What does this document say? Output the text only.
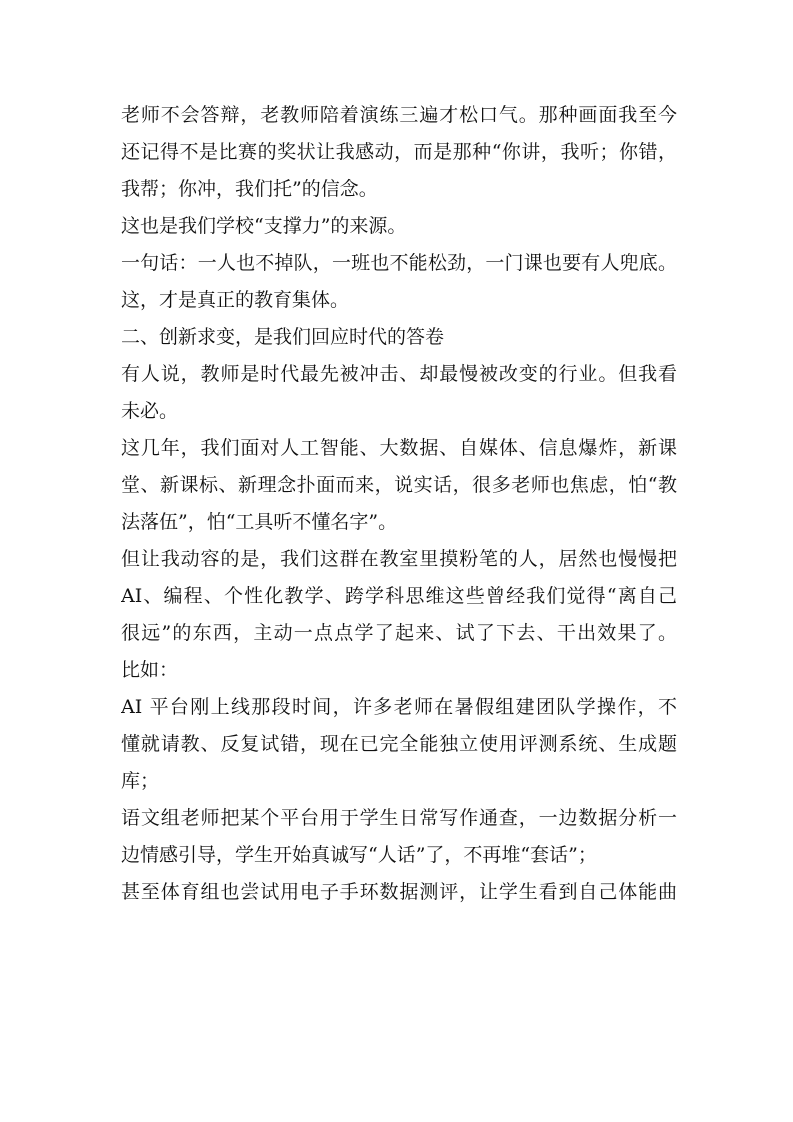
老师不会答辩，老教师陪着演练三遍才松口气。那种画面我至今
还记得不是比赛的奖状让我感动，而是那种“你讲，我听；你错，
我帮；你冲，我们托”的信念。
这也是我们学校“支撑力”的来源。
一句话：一人也不掉队，一班也不能松劲，一门课也要有人兜底。
这，才是真正的教育集体。
二、创新求变，是我们回应时代的答卷
有人说，教师是时代最先被冲击、却最慢被改变的行业。但我看
未必。
这几年，我们面对人工智能、大数据、自媒体、信息爆炸，新课
堂、新课标、新理念扑面而来，说实话，很多老师也焦虑，怕“教
法落伍”，怕“工具听不懂名字”。
但让我动容的是，我们这群在教室里摸粉笔的人，居然也慢慢把
AI、编程、个性化教学、跨学科思维这些曾经我们觉得“离自己
很远”的东西，主动一点点学了起来、试了下去、干出效果了。
比如：
AI 平台刚上线那段时间，许多老师在暑假组建团队学操作，不
懂就请教、反复试错，现在已完全能独立使用评测系统、生成题
库；
语文组老师把某个平台用于学生日常写作通查，一边数据分析一
边情感引导，学生开始真诚写“人话”了，不再堆“套话”；
甚至体育组也尝试用电子手环数据测评，让学生看到自己体能曲
